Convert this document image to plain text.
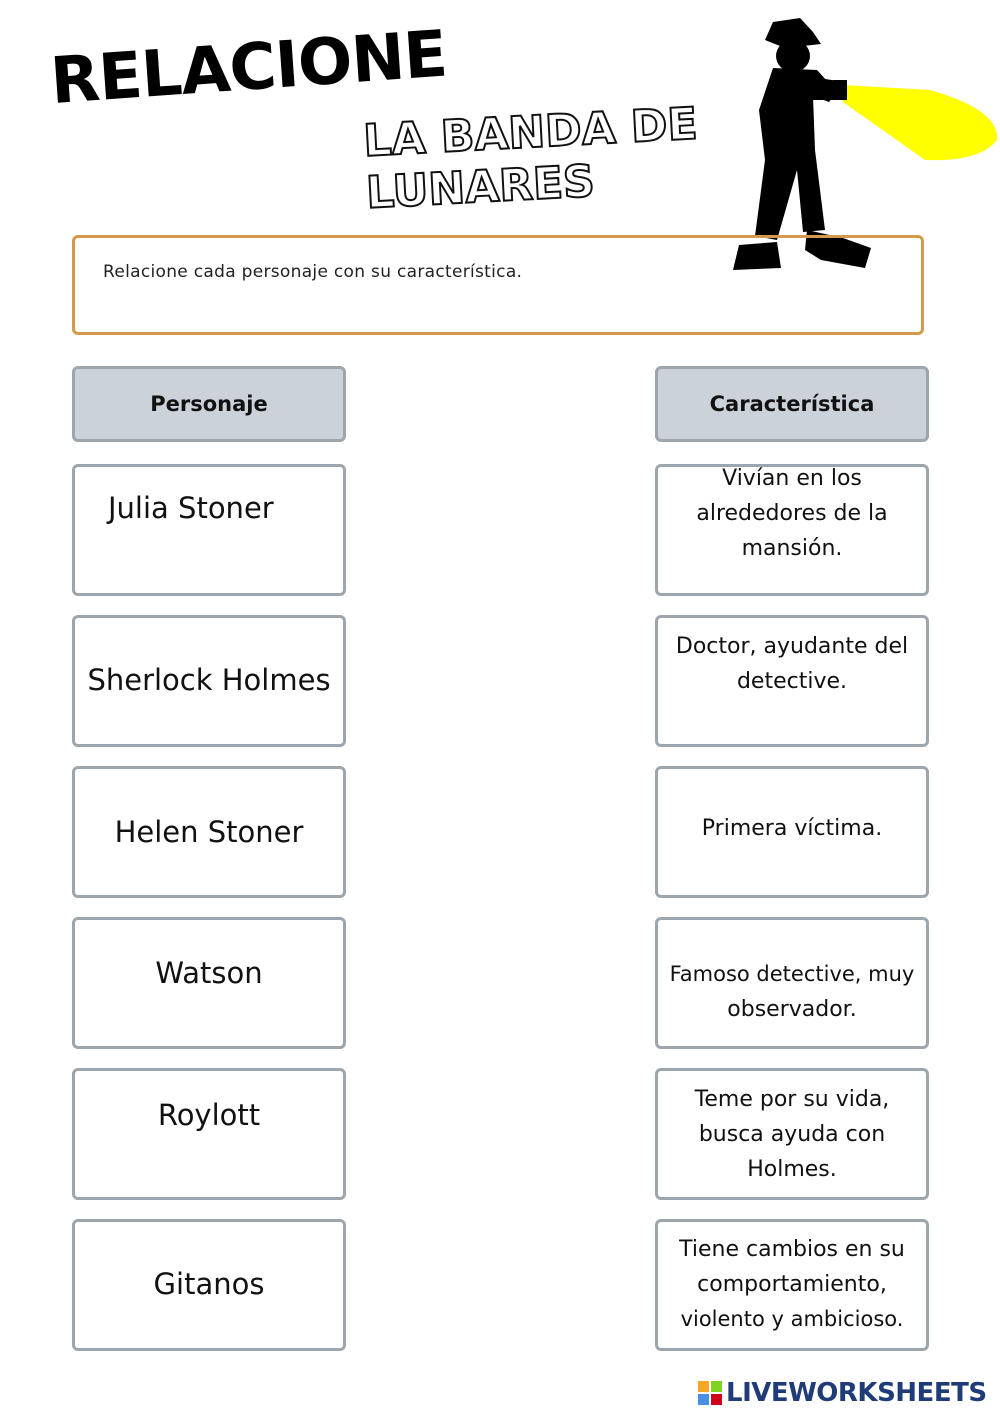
RELACIONE
LA BANDA DE
LUNARES
Relacione cada personaje con su característica.
Personaje	Característica
Julia Stoner
Sherlock Holmes
Helen Stoner
Watson
Roylott
Gitanos
Vivían en los
alrededores de la
mansión.
Doctor, ayudante del
detective.
Primera víctima.
Famoso detective, muy
observador.
Teme por su vida,
busca ayuda con
Holmes.
Tiene cambios en su
comportamiento,
violento y ambicioso.
LIVEWORKSHEETS
